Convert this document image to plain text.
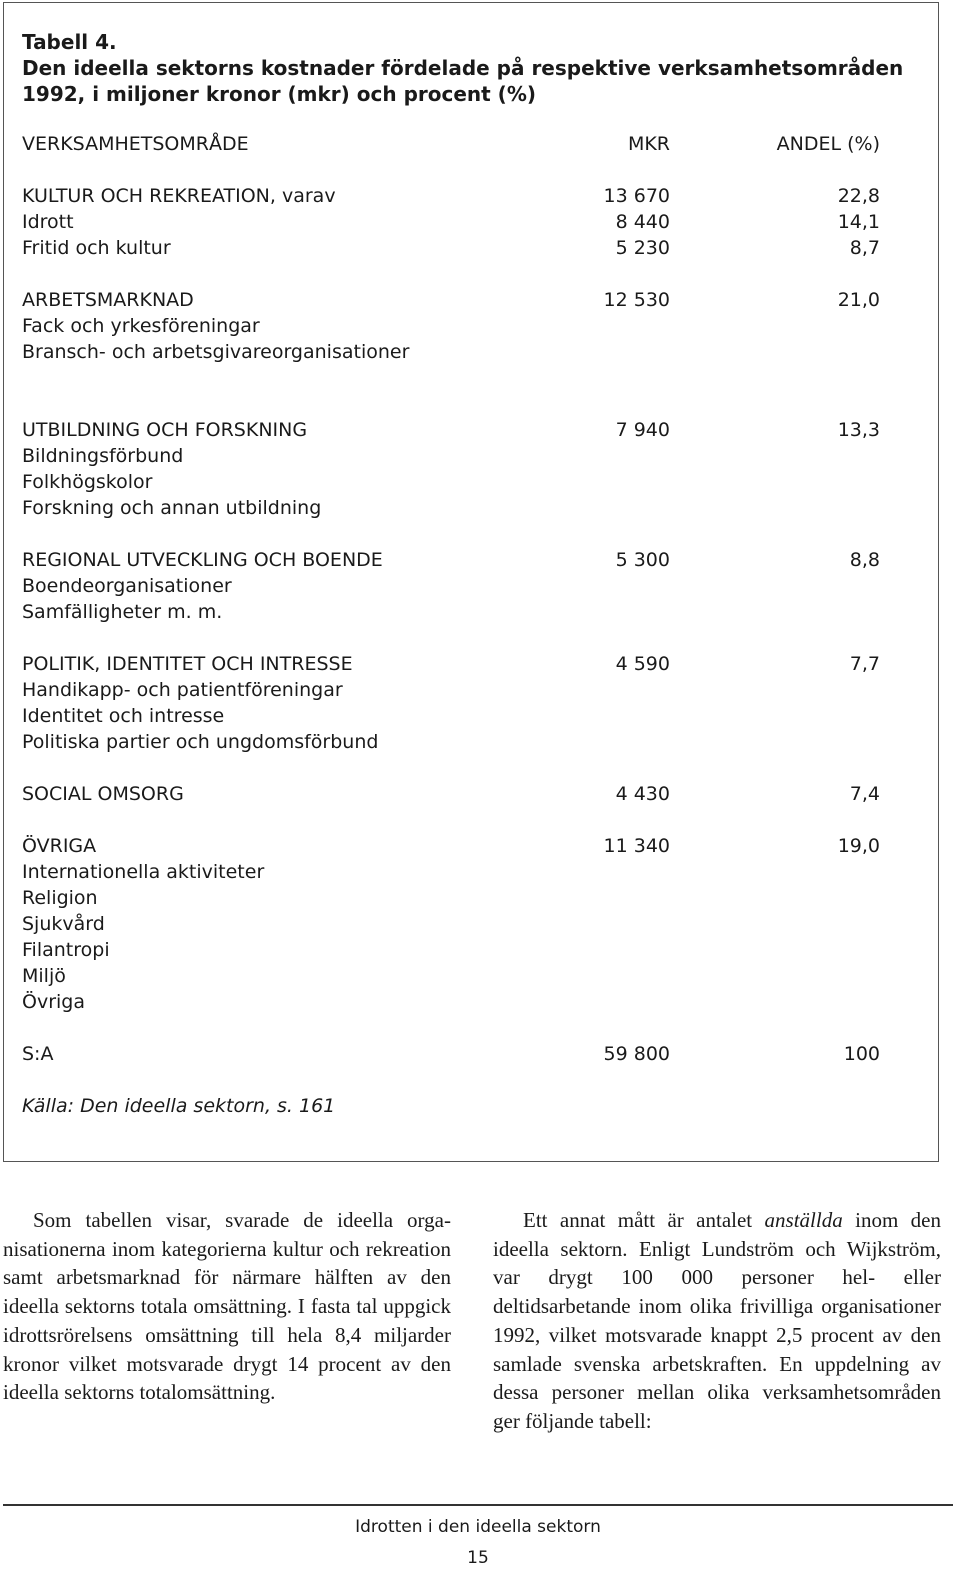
Tabell 4.
Den ideella sektorns kostnader fördelade på respektive verksamhetsområden 1992, i miljoner kronor (mkr) och procent (%)
VERKSAMHETSOMRÅDE	MKR	ANDEL (%)
KULTUR OCH REKREATION, varav	13 670	22,8
Idrott	8 440	14,1
Fritid och kultur	5 230	8,7
ARBETSMARKNAD	12 530	21,0
Fack och yrkesföreningar
Bransch- och arbetsgivareorganisationer
UTBILDNING OCH FORSKNING	7 940	13,3
Bildningsförbund
Folkhögskolor
Forskning och annan utbildning
REGIONAL UTVECKLING OCH BOENDE	5 300	8,8
Boendeorganisationer
Samfälligheter m. m.
POLITIK, IDENTITET OCH INTRESSE	4 590	7,7
Handikapp- och patientföreningar
Identitet och intresse
Politiska partier och ungdomsförbund
SOCIAL OMSORG	4 430	7,4
ÖVRIGA	11 340	19,0
Internationella aktiviteter
Religion
Sjukvård
Filantropi
Miljö
Övriga
S:A	59 800	100
Källa: Den ideella sektorn, s. 161

Som tabellen visar, svarade de ideella organisationerna inom kategorierna kultur och rekreation samt arbetsmarknad för närmare hälften av den ideella sektorns totala omsättning. I fasta tal uppgick idrottsrörelsens omsättning till hela 8,4 miljarder kronor vilket motsvarade drygt 14 procent av den ideella sektorns totalomsättning.

Ett annat mått är antalet anställda inom den ideella sektorn. Enligt Lundström och Wijkström, var drygt 100 000 personer hel- eller deltidsarbetande inom olika frivilliga organisationer 1992, vilket motsvarade knappt 2,5 procent av den samlade svenska arbetskraften. En uppdelning av dessa personer mellan olika verksamhetsområden ger följande tabell:

Idrotten i den ideella sektorn
15
